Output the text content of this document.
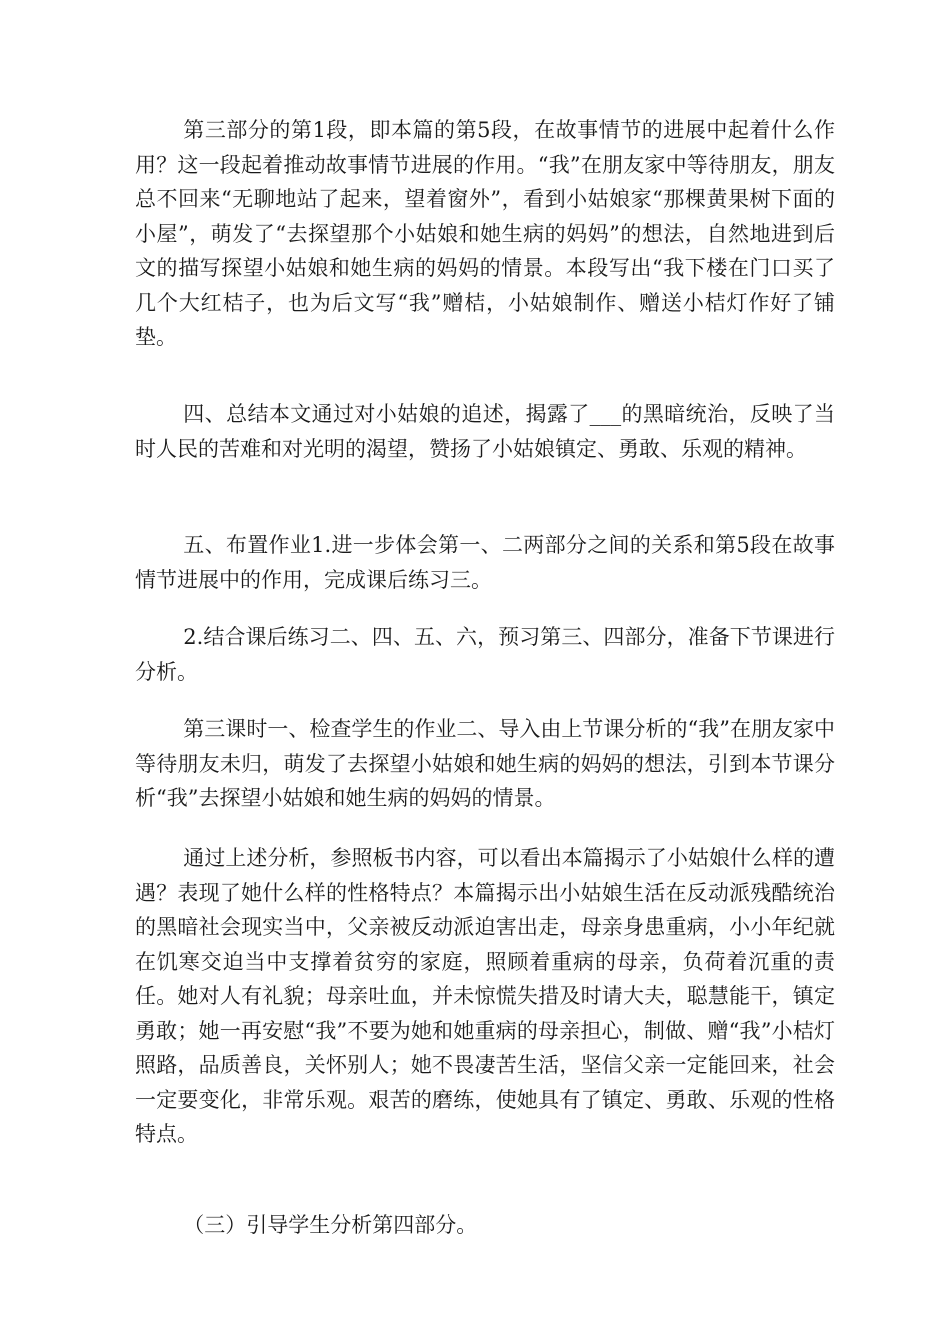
第三部分的第1段，即本篇的第5段，在故事情节的进展中起着什么作用？这一段起着推动故事情节进展的作用。“我”在朋友家中等待朋友，朋友总不回来“无聊地站了起来，望着窗外”，看到小姑娘家“那棵黄果树下面的小屋”，萌发了“去探望那个小姑娘和她生病的妈妈”的想法，自然地进到后文的描写探望小姑娘和她生病的妈妈的情景。本段写出“我下楼在门口买了几个大红桔子，也为后文写“我”赠桔，小姑娘制作、赠送小桔灯作好了铺垫。

四、总结本文通过对小姑娘的追述，揭露了___的黑暗统治，反映了当时人民的苦难和对光明的渴望，赞扬了小姑娘镇定、勇敢、乐观的精神。

五、布置作业1.进一步体会第一、二两部分之间的关系和第5段在故事情节进展中的作用，完成课后练习三。

2.结合课后练习二、四、五、六，预习第三、四部分，准备下节课进行分析。

第三课时一、检查学生的作业二、导入由上节课分析的“我”在朋友家中等待朋友未归，萌发了去探望小姑娘和她生病的妈妈的想法，引到本节课分析“我”去探望小姑娘和她生病的妈妈的情景。

通过上述分析，参照板书内容，可以看出本篇揭示了小姑娘什么样的遭遇？表现了她什么样的性格特点？本篇揭示出小姑娘生活在反动派残酷统治的黑暗社会现实当中，父亲被反动派迫害出走，母亲身患重病，小小年纪就在饥寒交迫当中支撑着贫穷的家庭，照顾着重病的母亲，负荷着沉重的责任。她对人有礼貌；母亲吐血，并未惊慌失措及时请大夫，聪慧能干，镇定勇敢；她一再安慰“我”不要为她和她重病的母亲担心，制做、赠“我”小桔灯照路，品质善良，关怀别人；她不畏凄苦生活，坚信父亲一定能回来，社会一定要变化，非常乐观。艰苦的磨练，使她具有了镇定、勇敢、乐观的性格特点。

（三）引导学生分析第四部分。
